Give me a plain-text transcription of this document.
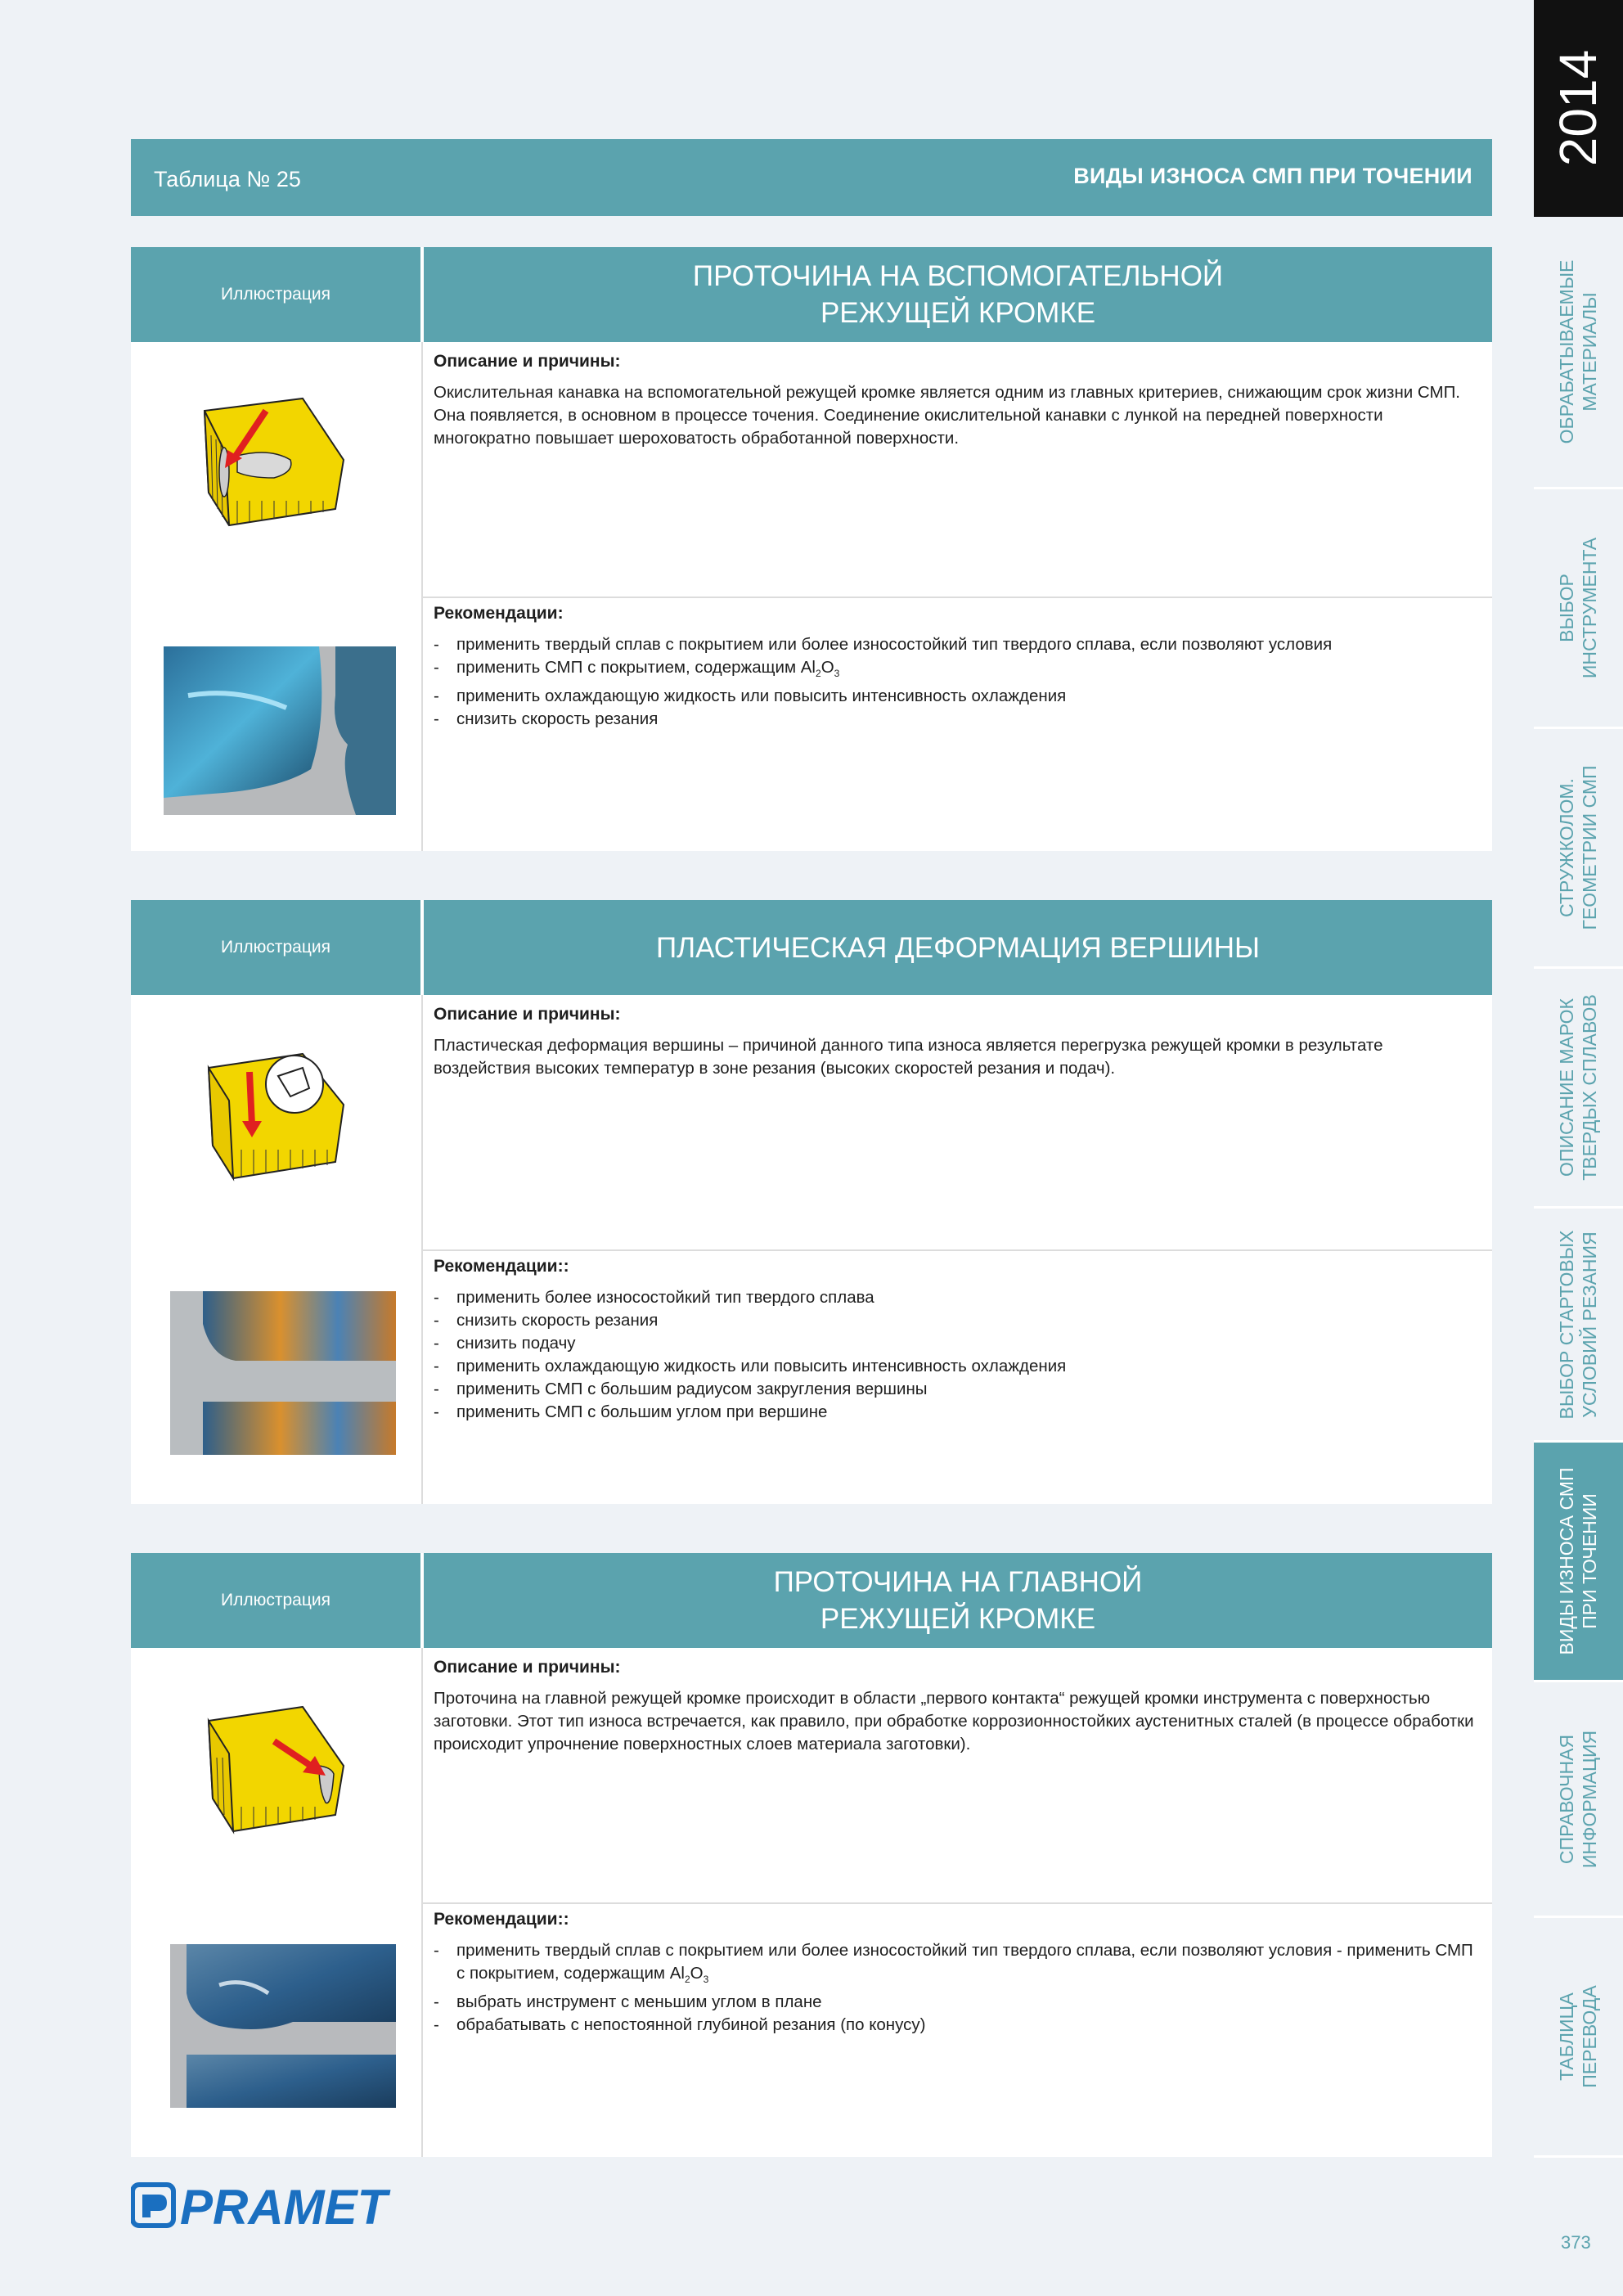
Таблица № 25	ВИДЫ ИЗНОСА СМП ПРИ ТОЧЕНИИ
Иллюстрация
ПРОТОЧИНА НА ВСПОМОГАТЕЛЬНОЙ
РЕЖУЩЕЙ КРОМКЕ
Описание и причины:
Окислительная канавка на вспомогательной режущей кромке является одним из главных критериев, снижающим срок жизни СМП. Она появляется, в основном в процессе точения. Соединение окислительной канавки с лункой на передней поверхности многократно повышает шероховатость обработанной поверхности.
Рекомендации:
- применить твердый сплав с покрытием или более износостойкий тип твердого сплава, если позволяют условия
- применить СМП с покрытием, содержащим $Al_2O_3$
- применить охлаждающую жидкость или повысить интенсивность охлаждения
- снизить скорость резания
Иллюстрация	ПЛАСТИЧЕСКАЯ ДЕФОРМАЦИЯ ВЕРШИНЫ
Описание и причины:
Пластическая деформация вершины – причиной данного типа износа является перегрузка режущей кромки в результате воздействия высоких температур в зоне резания (высоких скоростей резания и подач).
Рекомендации::
- применить более износостойкий тип твердого сплава
- снизить скорость резания
- снизить подачу
- применить охлаждающую жидкость или повысить интенсивность охлаждения
- применить СМП с большим радиусом закругления вершины
- применить СМП с большим углом при вершине
Иллюстрация
ПРОТОЧИНА НА ГЛАВНОЙ
РЕЖУЩЕЙ КРОМКЕ
Описание и причины:
Проточина на главной режущей кромке происходит в области „первого контакта“ режущей кромки инструмента с поверхностью заготовки. Этот тип износа встречается, как правило, при обработке коррозионностойких аустенитных сталей (в процессе обработки происходит упрочнение поверхностных слоев материала заготовки).
Рекомендации::
- применить твердый сплав с покрытием или более износостойкий тип твердого сплава, если позволяют условия - применить СМП с покрытием, содержащим $Al_2O_3$
- выбрать инструмент с меньшим углом в плане
- обрабатывать с непостоянной глубиной резания (по конусу)
PRAMET
2014
ОБРАБАТЫВАЕМЫЕ
МАТЕРИАЛЫ
ВЫБОР
ИНСТРУМЕНТА
СТРУЖКОЛОМ.
ГЕОМЕТРИИ СМП
ОПИСАНИЕ МАРОК
ТВЕРДЫХ СПЛАВОВ
ВЫБОР СТАРТОВЫХ
УСЛОВИЙ РЕЗАНИЯ
ВИДЫ ИЗНОСА СМП
ПРИ ТОЧЕНИИ
СПРАВОЧНАЯ
ИНФОРМАЦИЯ
ТАБЛИЦА
ПЕРЕВОДА
373
